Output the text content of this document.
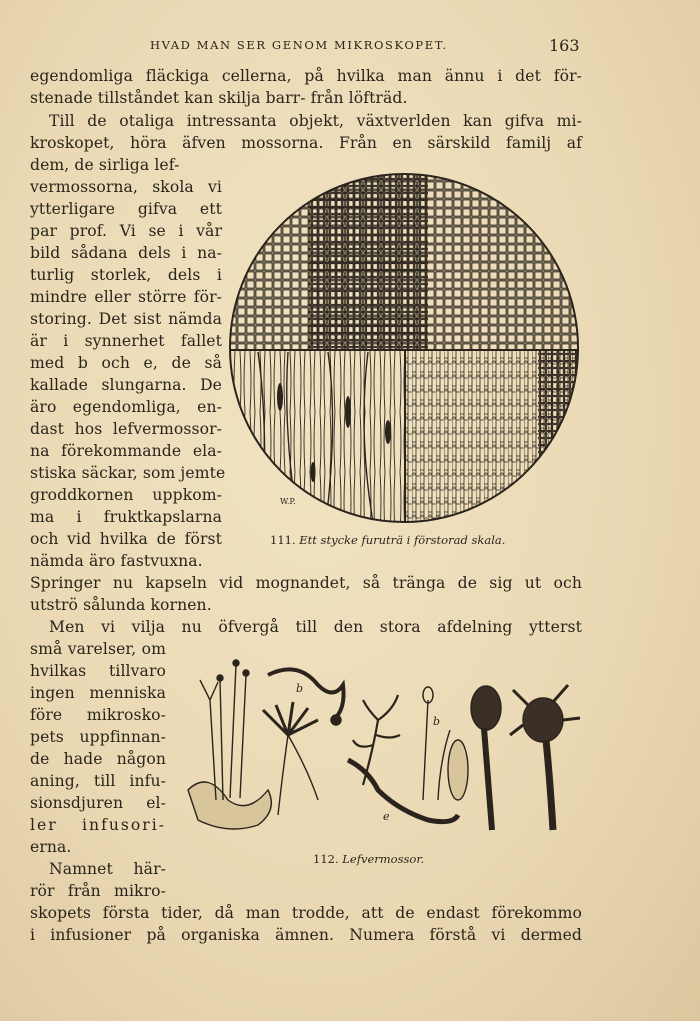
HVAD MAN SER GENOM MIKROSKOPET.	163
egendomliga fläckiga cellerna, på hvilka man ännu i det för-
stenade tillståndet kan skilja barr- från löfträd.
Till de otaliga intressanta objekt, växtverlden kan gifva mi-
kroskopet, höra äfven mossorna. Från en särskild familj af
dem, de sirliga lef-
vermossorna, skola vi
ytterligare gifva ett
par prof. Vi se i vår
bild sådana dels i na-
turlig storlek, dels i
mindre eller större för-
storing. Det sist nämda
är i synnerhet fallet
med b och e, de så
kallade slungarna. De
äro egendomliga, en-
dast hos lefvermossor-
na förekommande ela-
stiska säckar, som jemte
groddkornen uppkom-
ma i fruktkapslarna
och vid hvilka de först
nämda äro fastvuxna.
Springer nu kapseln vid mognandet, så tränga de sig ut och
utströ sålunda kornen.
Men vi vilja nu öfvergå till den stora afdelning ytterst
små varelser, om
hvilkas tillvaro
ingen menniska
före mikrosko-
pets uppfinnan-
de hade någon
aning, till infu-
sionsdjuren el-
ler infusori-
erna.
Namnet här-
rör från mikro-
skopets första tider, då man trodde, att de endast förekommo
i infusioner på organiska ämnen. Numera förstå vi dermed
W.P.
111. Ett stycke furuträ i förstorad skala.
b
e
b
112. Lefvermossor.
